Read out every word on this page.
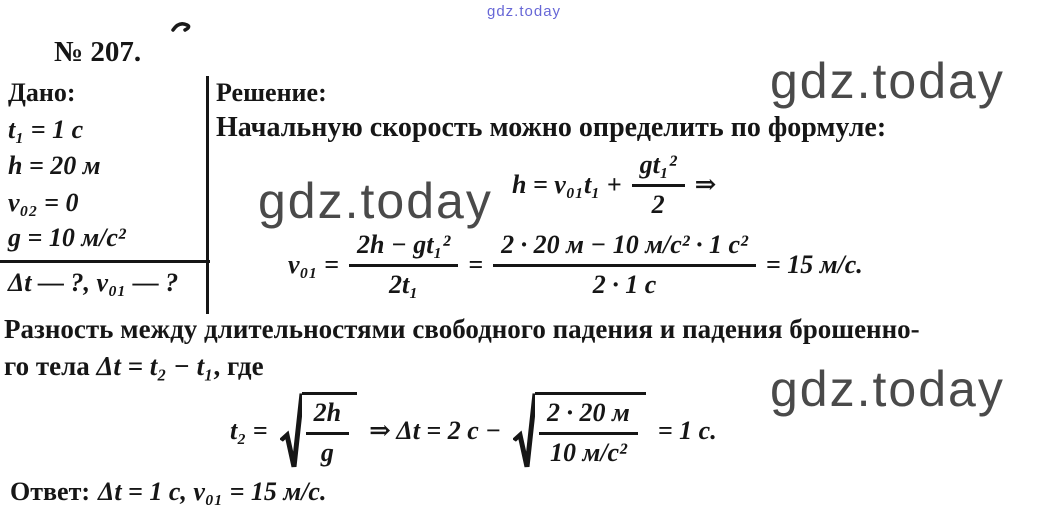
gdz.today
gdz.today
gdz.today
gdz.today
№ 207.
Дано:
t₁ = 1 с
h = 20 м
v₀₂ = 0
g = 10 м/с²
Δt — ?, v₀₁ — ?
Решение:
Начальную скорость можно определить по формуле:
$h = v_{01}t_1 + \frac{\text{gt₁²}}{2}$ ⇒
$v_{01} = \frac{\text{2h − gt₁²}}{\text{2t₁}} = \frac{\text{2 · 20 м − 10 м/с² · 1 с²}}{2 \cdot 1 с} = 15$ м/с.
Разность между длительностями свободного падения и падения брошенно-
го тела Δt = t₂ − t₁, где
$t_2 = \frac{2h}{g}$ ⇒ Δt = 2 $с - \frac{2 \cdot 20 м}{\text{10 м/с²}} = 1$ с.
Ответ: Δt = 1 с, v₀₁ = 15 м/с.
